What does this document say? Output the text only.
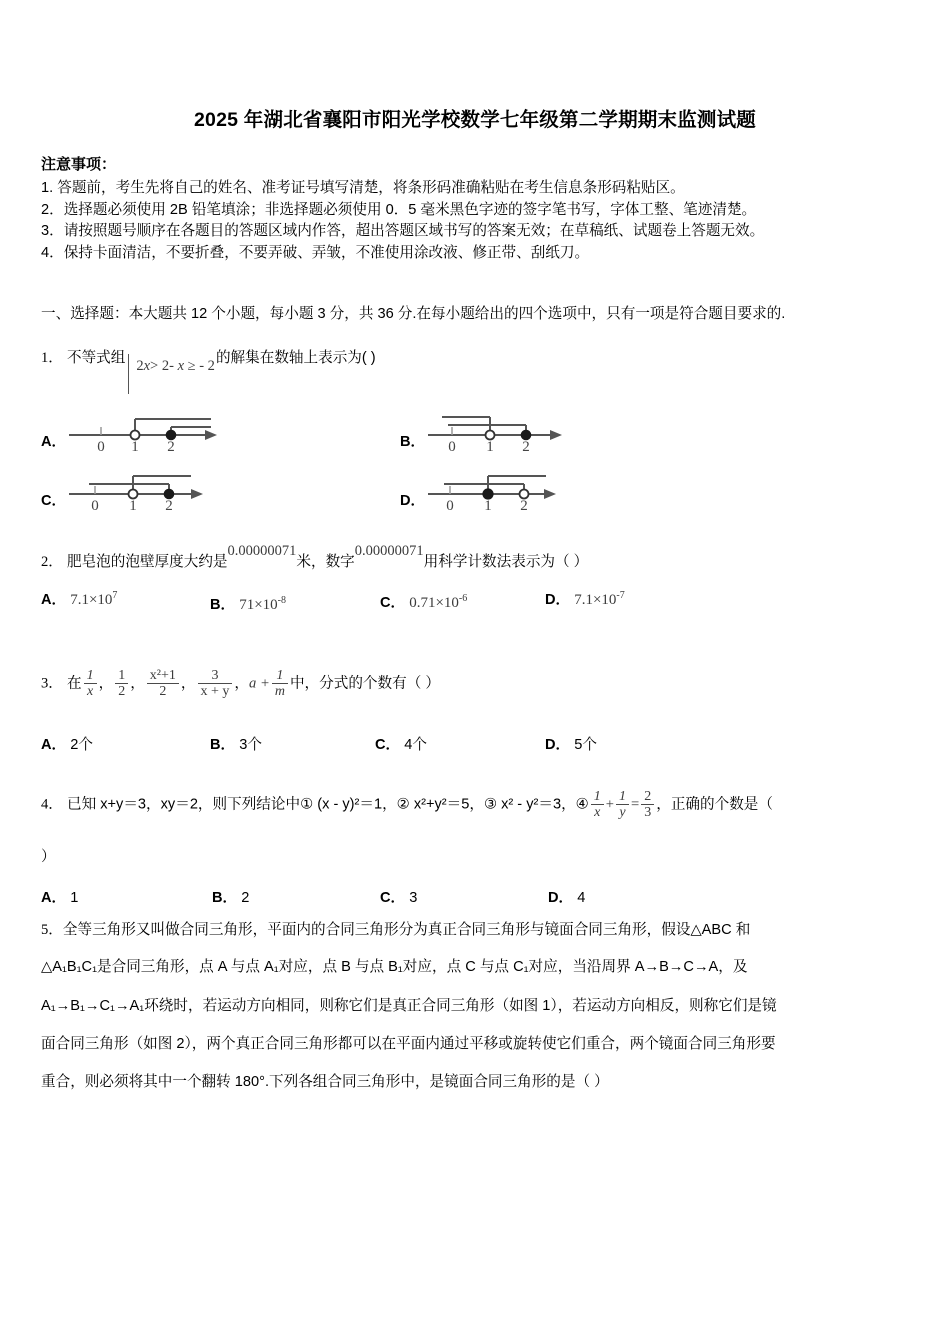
2025 年湖北省襄阳市阳光学校数学七年级第二学期期末监测试题
注意事项：
1. 答题前，考生先将自己的姓名、准考证号填写清楚，将条形码准确粘贴在考生信息条形码粘贴区。
2．选择题必须使用 2B 铅笔填涂；非选择题必须使用 0．5 毫米黑色字迹的签字笔书写，字体工整、笔迹清楚。
3．请按照题号顺序在各题目的答题区域内作答，超出答题区域书写的答案无效；在草稿纸、试题卷上答题无效。
4．保持卡面清洁，不要折叠，不要弄破、弄皱，不准使用涂改液、修正带、刮纸刀。
一、选择题：本大题共 12 个小题，每小题 3 分，共 36 分.在每小题给出的四个选项中，只有一项是符合题目要求的.
1． 不等式组2x> 2- x ≥ - 2的解集在数轴上表示为( )
A． 0 1 2	B． 0 1 2
C． 0 1 2	D． 0 1 2
2． 肥皂泡的泡壁厚度大约是0.00000071米，数字0.00000071用科学计数法表示为（ ）
A． $7.1\times 10^7$
B． $71\times 10^{-8}$	C． $0.71\times 10^{-6}$	D． $7.1\times 10^{-7}$
3． 在 $\frac{1}{x}$ ， $\frac{1}{2}$ ， $\frac{\text{x²+1}}{2}$ ， $\frac{3}{x + y}$ ，$a + \frac{1}{m}$ 中，分式的个数有（ ）
A． 2个	B． 3个	C． 4个	D． 5个
4． 已知 x+y＝3，xy＝2，则下列结论中① (x - y)²＝1，② x²+y²＝5，③ x² - y²＝3，④ $\frac{1}{x} + \frac{1}{y} = \frac{2}{3}$ ，正确的个数是（
）
A． 1	B． 2	C． 3	D． 4
5．全等三角形又叫做合同三角形，平面内的合同三角形分为真正合同三角形与镜面合同三角形，假设△ABC 和
△A₁B₁C₁是合同三角形，点 A 与点 A₁对应，点 B 与点 B₁对应，点 C 与点 C₁对应，当沿周界 A→B→C→A，及
A₁→B₁→C₁→A₁环绕时，若运动方向相同，则称它们是真正合同三角形（如图 1），若运动方向相反，则称它们是镜
面合同三角形（如图 2），两个真正合同三角形都可以在平面内通过平移或旋转使它们重合，两个镜面合同三角形要
重合，则必须将其中一个翻转 180°.下列各组合同三角形中，是镜面合同三角形的是（ ）
